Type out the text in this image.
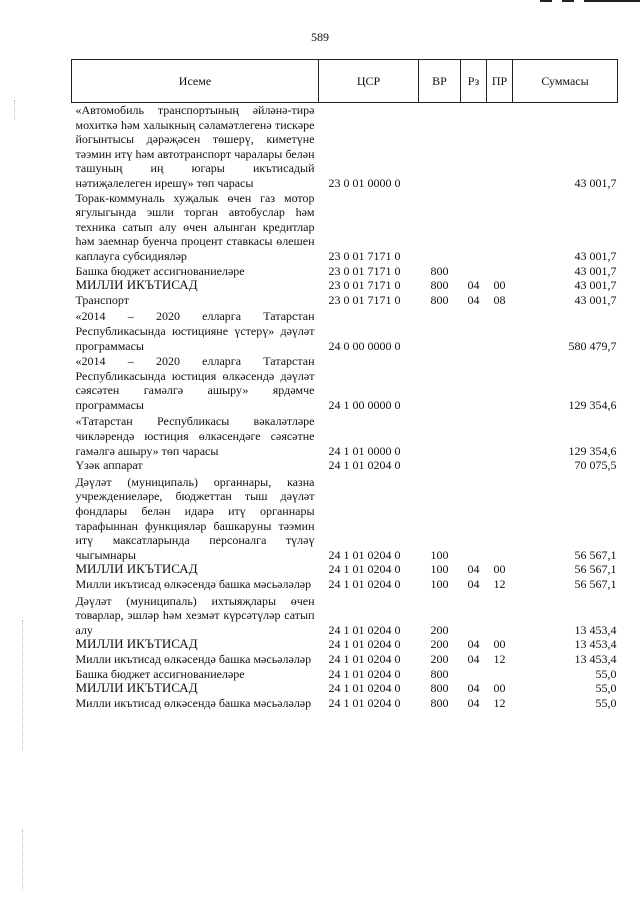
589
Исеме	ЦСР	ВР	Рз	ПР	Суммасы
«Автомобиль транспортының әйләнә-тирә мохиткә һәм халыкның сәламәтлегенә тискәре йогынтысы дәрәҗәсен төшерү, киметүне тәэмин итү һәм автотранспорт чаралары белән ташуның иң югары икътисадый нәтиҗәлелеген ирешү» төп чарасы	23 0 01 0000 0				43 001,7
Торак-коммуналь хуҗалык өчен газ мотор ягулыгында эшли торган автобуслар һәм техника сатып алу өчен алынган кредитлар һәм заемнар буенча процент ставкасы өлешен каплауга субсидияләр	23 0 01 7171 0				43 001,7
Башка бюджет ассигнованиеләре	23 0 01 7171 0	800			43 001,7
МИЛЛИ ИКЪТИСАД	23 0 01 7171 0	800	04	00	43 001,7
Транспорт	23 0 01 7171 0	800	04	08	43 001,7
«2014 – 2020 елларга Татарстан Республикасында юстицияне үстерү» дәүләт программасы	24 0 00 0000 0				580 479,7
«2014 – 2020 елларга Татарстан Республикасында юстиция өлкәсендә дәүләт сәясәтен гамәлгә ашыру» ярдәмче программасы	24 1 00 0000 0				129 354,6
«Татарстан Республикасы вәкаләтләре чикләрендә юстиция өлкәсендәге сәясәтне гамәлгә ашыру» төп чарасы	24 1 01 0000 0				129 354,6
Үзәк аппарат	24 1 01 0204 0				70 075,5
Дәүләт (муниципаль) органнары, казна учреждениеләре, бюджеттан тыш дәүләт фондлары белән идарә итү органнары тарафыннан функцияләр башкаруны тәэмин итү максатларында персоналга түләү чыгымнары	24 1 01 0204 0	100			56 567,1
МИЛЛИ ИКЪТИСАД	24 1 01 0204 0	100	04	00	56 567,1
Милли икътисад өлкәсендә башка мәсьәләләр	24 1 01 0204 0	100	04	12	56 567,1
Дәүләт (муниципаль) ихтыяҗлары өчен товарлар, эшләр һәм хезмәт күрсәтүләр сатып алу	24 1 01 0204 0	200			13 453,4
МИЛЛИ ИКЪТИСАД	24 1 01 0204 0	200	04	00	13 453,4
Милли икътисад өлкәсендә башка мәсьәләләр	24 1 01 0204 0	200	04	12	13 453,4
Башка бюджет ассигнованиеләре	24 1 01 0204 0	800			55,0
МИЛЛИ ИКЪТИСАД	24 1 01 0204 0	800	04	00	55,0
Милли икътисад өлкәсендә башка мәсьәләләр	24 1 01 0204 0	800	04	12	55,0
